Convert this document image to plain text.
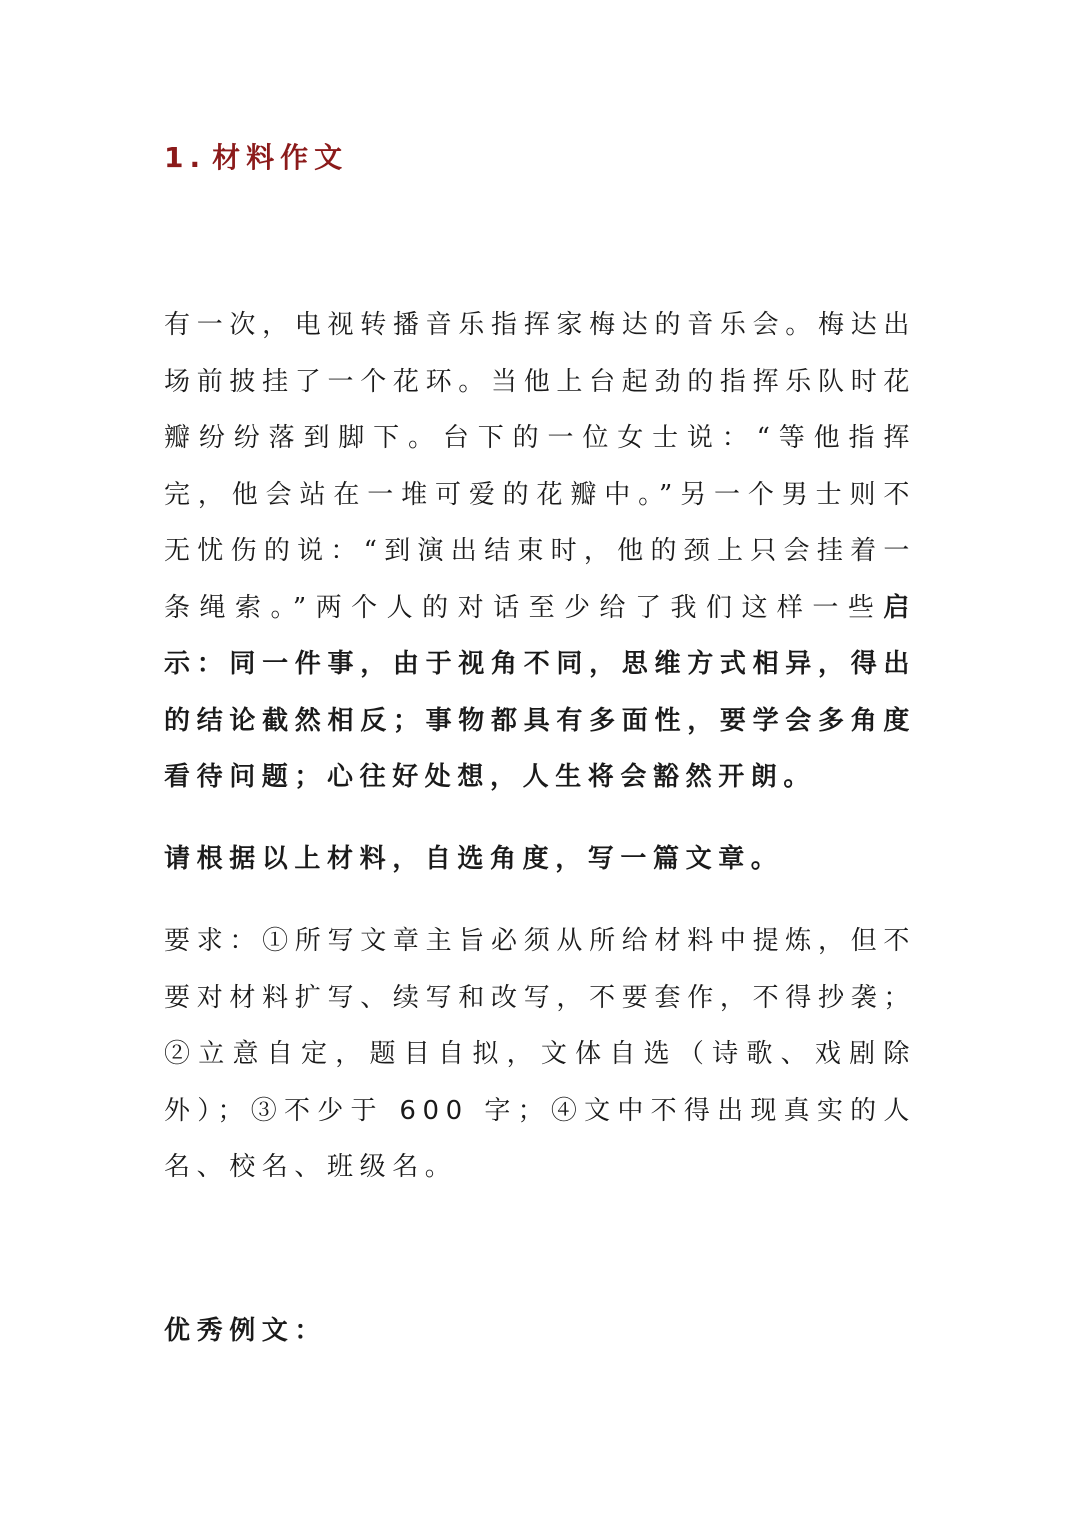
1. 材料作文
有一次，电视转播音乐指挥家梅达的音乐会。梅达出场前披挂了一个花环。当他上台起劲的指挥乐队时花瓣纷纷落到脚下。台下的一位女士说：“等他指挥完，他会站在一堆可爱的花瓣中。”另一个男士则不无忧伤的说：“到演出结束时，他的颈上只会挂着一条绳索。”两个人的对话至少给了我们这样一些启示：同一件事，由于视角不同，思维方式相异，得出的结论截然相反；事物都具有多面性，要学会多角度看待问题；心往好处想，人生将会豁然开朗。
请根据以上材料，自选角度，写一篇文章。
要求：①所写文章主旨必须从所给材料中提炼，但不要对材料扩写、续写和改写，不要套作，不得抄袭；②立意自定，题目自拟，文体自选（诗歌、戏剧除外）；③不少于 600 字；④文中不得出现真实的人名、校名、班级名。
优秀例文：
